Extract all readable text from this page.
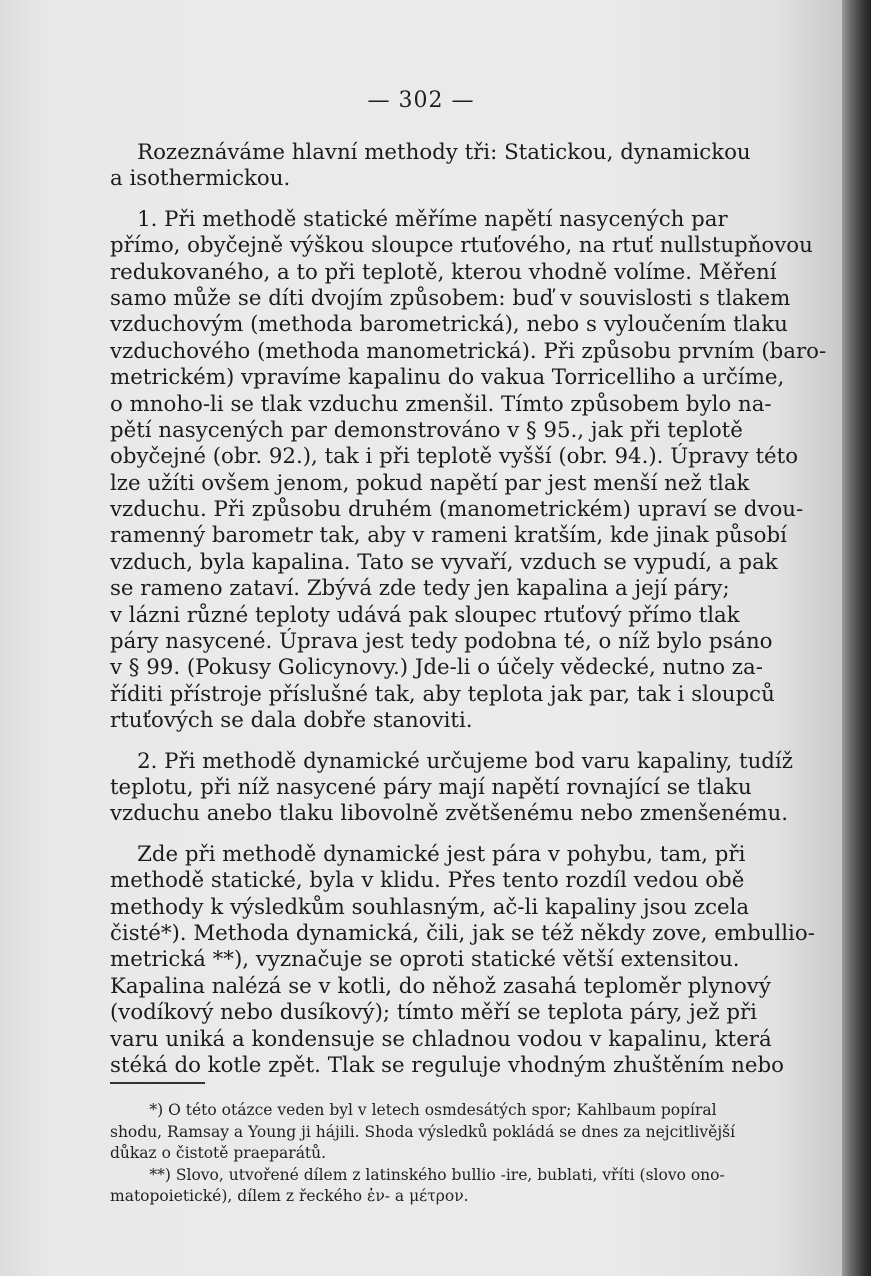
— 302 —
Rozeznáváme hlavní methody tři: Statickou, dynamickou
a isothermickou.
1. Při methodě statické měříme napětí nasycených par
přímo, obyčejně výškou sloupce rtuťového, na rtuť nullstupňovou
redukovaného, a to při teplotě, kterou vhodně volíme. Měření
samo může se díti dvojím způsobem: buď v souvislosti s tlakem
vzduchovým (methoda barometrická), nebo s vyloučením tlaku
vzduchového (methoda manometrická). Při způsobu prvním (baro-
metrickém) vpravíme kapalinu do vakua Torricelliho a určíme,
o mnoho-li se tlak vzduchu zmenšil. Tímto způsobem bylo na-
pětí nasycených par demonstrováno v § 95., jak při teplotě
obyčejné (obr. 92.), tak i při teplotě vyšší (obr. 94.). Úpravy této
lze užíti ovšem jenom, pokud napětí par jest menší než tlak
vzduchu. Při způsobu druhém (manometrickém) upraví se dvou-
ramenný barometr tak, aby v rameni kratším, kde jinak působí
vzduch, byla kapalina. Tato se vyvaří, vzduch se vypudí, a pak
se rameno zataví. Zbývá zde tedy jen kapalina a její páry;
v lázni různé teploty udává pak sloupec rtuťový přímo tlak
páry nasycené. Úprava jest tedy podobna té, o níž bylo psáno
v § 99. (Pokusy Golicynovy.) Jde-li o účely vědecké, nutno za-
říditi přístroje příslušné tak, aby teplota jak par, tak i sloupců
rtuťových se dala dobře stanoviti.
2. Při methodě dynamické určujeme bod varu kapaliny, tudíž
teplotu, při níž nasycené páry mají napětí rovnající se tlaku
vzduchu anebo tlaku libovolně zvětšenému nebo zmenšenému.
Zde při methodě dynamické jest pára v pohybu, tam, při
methodě statické, byla v klidu. Přes tento rozdíl vedou obě
methody k výsledkům souhlasným, ač-li kapaliny jsou zcela
čisté*). Methoda dynamická, čili, jak se též někdy zove, embullio-
metrická **), vyznačuje se oproti statické větší extensitou.
Kapalina nalézá se v kotli, do něhož zasahá teploměr plynový
(vodíkový nebo dusíkový); tímto měří se teplota páry, jež při
varu uniká a kondensuje se chladnou vodou v kapalinu, která
stéká do kotle zpět. Tlak se reguluje vhodným zhuštěním nebo
*) O této otázce veden byl v letech osmdesátých spor; Kahlbaum popíral
shodu, Ramsay a Young ji hájili. Shoda výsledků pokládá se dnes za nejcitlivější
důkaz o čistotě praeparátů.
**) Slovo, utvořené dílem z latinského bullio -ire, bublati, vříti (slovo ono-
matopoietické), dílem z řeckého ἐν- a μέτρον.
